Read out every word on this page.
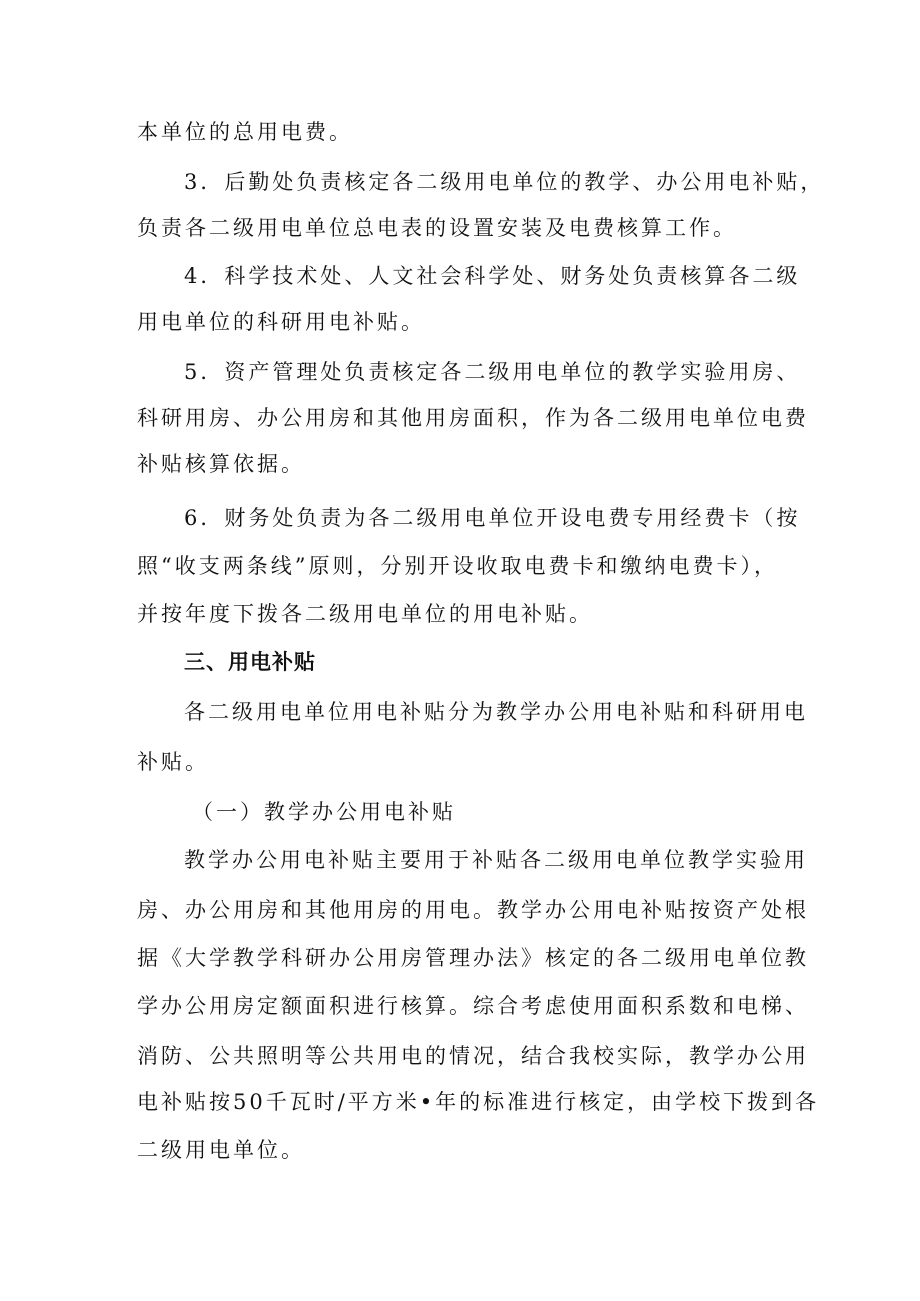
本单位的总用电费。
3．后勤处负责核定各二级用电单位的教学、办公用电补贴，
负责各二级用电单位总电表的设置安装及电费核算工作。
4．科学技术处、人文社会科学处、财务处负责核算各二级
用电单位的科研用电补贴。
5．资产管理处负责核定各二级用电单位的教学实验用房、
科研用房、办公用房和其他用房面积，作为各二级用电单位电费
补贴核算依据。
6．财务处负责为各二级用电单位开设电费专用经费卡（按
照“收支两条线”原则，分别开设收取电费卡和缴纳电费卡），
并按年度下拨各二级用电单位的用电补贴。
三、用电补贴
各二级用电单位用电补贴分为教学办公用电补贴和科研用电
补贴。
（一）教学办公用电补贴
教学办公用电补贴主要用于补贴各二级用电单位教学实验用
房、办公用房和其他用房的用电。教学办公用电补贴按资产处根
据《大学教学科研办公用房管理办法》核定的各二级用电单位教
学办公用房定额面积进行核算。综合考虑使用面积系数和电梯、
消防、公共照明等公共用电的情况，结合我校实际，教学办公用
电补贴按50千瓦时/平方米•年的标准进行核定，由学校下拨到各
二级用电单位。
